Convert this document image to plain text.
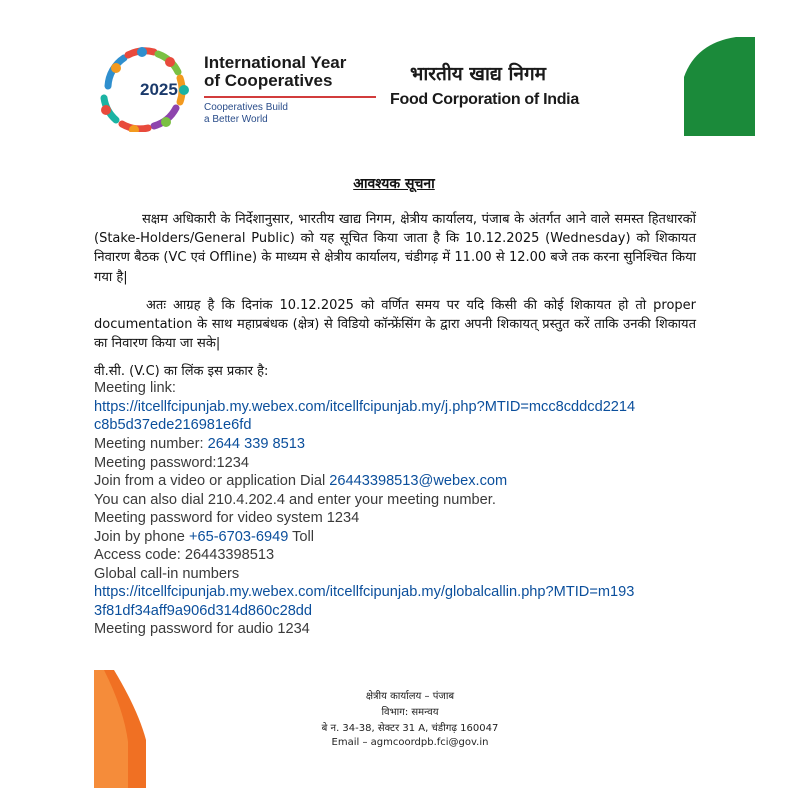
2025
International Year
of Cooperatives
Cooperatives Build
a Better World
भारतीय खाद्य निगम
Food Corporation of India
आवश्यक सूचना

सक्षम अधिकारी के निर्देशानुसार, भारतीय खाद्य निगम, क्षेत्रीय कार्यालय, पंजाब के अंतर्गत आने वाले समस्त हितधारकों (Stake-Holders/General Public) को यह सूचित किया जाता है कि 10.12.2025 (Wednesday) को शिकायत निवारण बैठक (VC एवं Offline) के माध्यम से क्षेत्रीय कार्यालय, चंडीगढ़ में 11.00 से 12.00 बजे तक करना सुनिश्चित किया गया है|

अतः आग्रह है कि दिनांक 10.12.2025 को वर्णित समय पर यदि किसी की कोई शिकायत हो तो proper documentation के साथ महाप्रबंधक (क्षेत्र) से विडियो कॉन्फ्रेंसिंग के द्वारा अपनी शिकायत् प्रस्तुत करें ताकि उनकी शिकायत का निवारण किया जा सके|

वी.सी. (V.C) का लिंक इस प्रकार है:
Meeting link:
https://itcellfcipunjab.my.webex.com/itcellfcipunjab.my/j.php?MTID=mcc8cddcd2214
c8b5d37ede216981e6fd
Meeting number: 2644 339 8513
Meeting password:1234
Join from a video or application Dial 26443398513@webex.com
You can also dial 210.4.202.4 and enter your meeting number.
Meeting password for video system 1234
Join by phone +65-6703-6949 Toll
Access code: 26443398513
Global call-in numbers
https://itcellfcipunjab.my.webex.com/itcellfcipunjab.my/globalcallin.php?MTID=m193
3f81df34aff9a906d314d860c28dd
Meeting password for audio 1234
क्षेत्रीय कार्यालय – पंजाब
विभाग: समन्वय
बे न. 34-38, सेक्टर 31 A, चंडीगढ़ 160047
Email – agmcoordpb.fci@gov.in
